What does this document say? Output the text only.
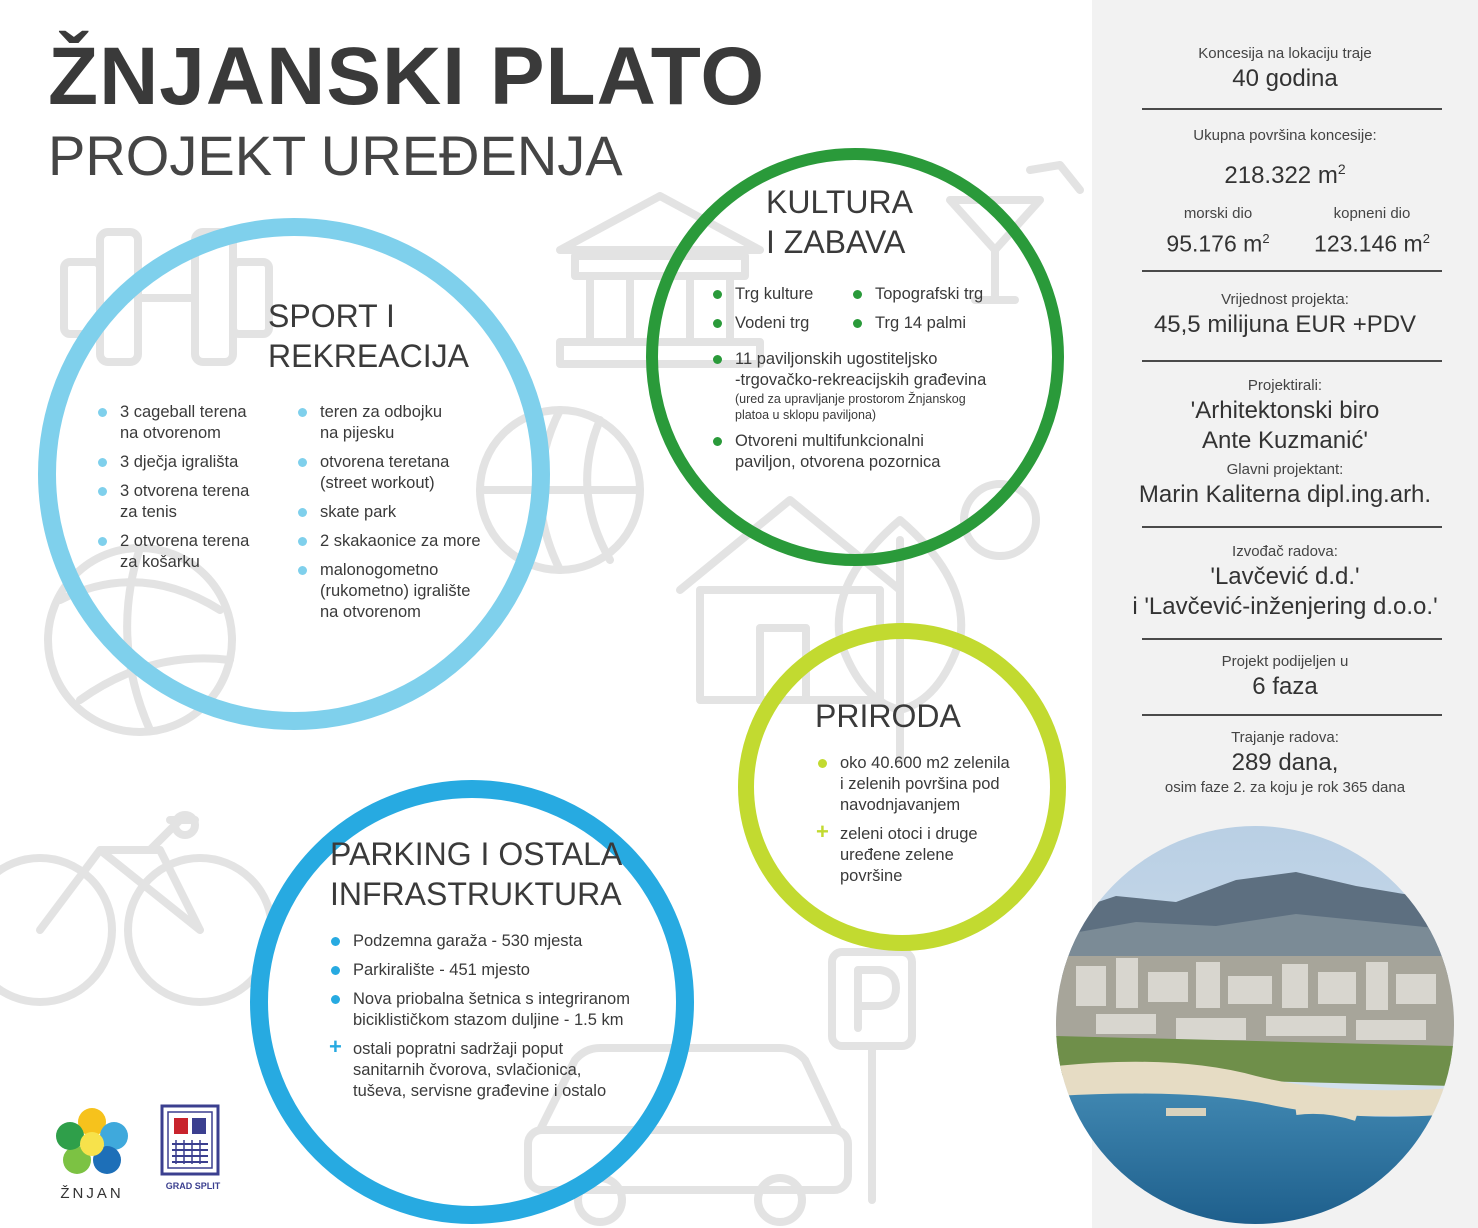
ŽNJANSKI PLATO
PROJEKT UREĐENJA
SPORT I
REKREACIJA
3 cageball terena
na otvorenom
3 dječja igrališta
3 otvorena terena
za tenis
2 otvorena terena
za košarku
teren za odbojku
na pijesku
otvorena teretana
(street workout)
skate park
2 skakaonice za more
malonogometno
(rukometno) igralište
na otvorenom
KULTURA
I ZABAVA
Trg kulture
Vodeni trg
Topografski trg
Trg 14 palmi
11 paviljonskih ugostiteljsko
-trgovačko-rekreacijskih građevina
(ured za upravljanje prostorom Žnjanskog
platoa u sklopu paviljona)
Otvoreni multifunkcionalni
paviljon, otvorena pozornica
PRIRODA
oko 40.600 m2 zelenila
i zelenih površina pod
navodnjavanjem
+ zeleni otoci i druge
uređene zelene
površine
PARKING I OSTALA
INFRASTRUKTURA
Podzemna garaža - 530 mjesta
Parkiralište - 451 mjesto
Nova priobalna šetnica s integriranom
biciklističkom stazom duljine - 1.5 km
+ ostali popratni sadržaji poput
sanitarnih čvorova, svlačionica,
tuševa, servisne građevine i ostalo
ŽNJAN	GRAD SPLIT
Koncesija na lokaciju traje
40 godina
Ukupna površina koncesije:
218.322 $m^2$
morski dio
95.176 $m^2$
kopneni dio
123.146 $m^2$
Vrijednost projekta:
45,5 milijuna EUR +PDV
Projektirali:
'Arhitektonski biro
Ante Kuzmanić'
Glavni projektant:
Marin Kaliterna dipl.ing.arh.
Izvođač radova:
'Lavčević d.d.'
i 'Lavčević-inženjering d.o.o.'
Projekt podijeljen u
6 faza
Trajanje radova:
289 dana,
osim faze 2. za koju je rok 365 dana
